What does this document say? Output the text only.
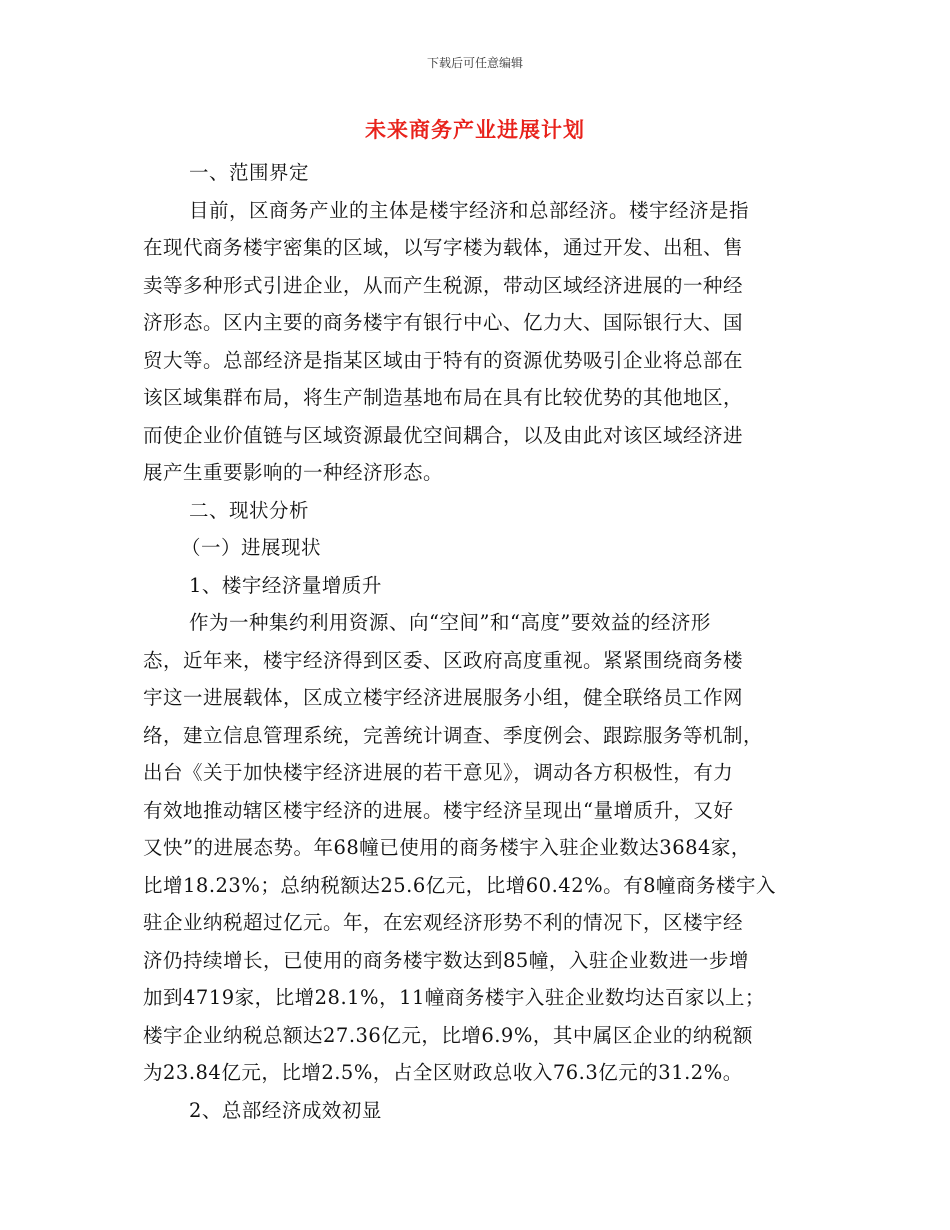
下载后可任意编辑
未来商务产业进展计划
一、范围界定
目前，区商务产业的主体是楼宇经济和总部经济。楼宇经济是指
在现代商务楼宇密集的区域，以写字楼为载体，通过开发、出租、售
卖等多种形式引进企业，从而产生税源，带动区域经济进展的一种经
济形态。区内主要的商务楼宇有银行中心、亿力大、国际银行大、国
贸大等。总部经济是指某区域由于特有的资源优势吸引企业将总部在
该区域集群布局，将生产制造基地布局在具有比较优势的其他地区，
而使企业价值链与区域资源最优空间耦合，以及由此对该区域经济进
展产生重要影响的一种经济形态。
二、现状分析
（一）进展现状
1、楼宇经济量增质升
作为一种集约利用资源、向“空间”和“高度”要效益的经济形
态，近年来，楼宇经济得到区委、区政府高度重视。紧紧围绕商务楼
宇这一进展载体，区成立楼宇经济进展服务小组，健全联络员工作网
络，建立信息管理系统，完善统计调查、季度例会、跟踪服务等机制，
出台《关于加快楼宇经济进展的若干意见》，调动各方积极性，有力
有效地推动辖区楼宇经济的进展。楼宇经济呈现出“量增质升，又好
又快”的进展态势。年68幢已使用的商务楼宇入驻企业数达3684家，
比增18.23%；总纳税额达25.6亿元，比增60.42%。有8幢商务楼宇入
驻企业纳税超过亿元。年，在宏观经济形势不利的情况下，区楼宇经
济仍持续增长，已使用的商务楼宇数达到85幢，入驻企业数进一步增
加到4719家，比增28.1%，11幢商务楼宇入驻企业数均达百家以上；
楼宇企业纳税总额达27.36亿元，比增6.9%，其中属区企业的纳税额
为23.84亿元，比增2.5%，占全区财政总收入76.3亿元的31.2%。
2、总部经济成效初显
